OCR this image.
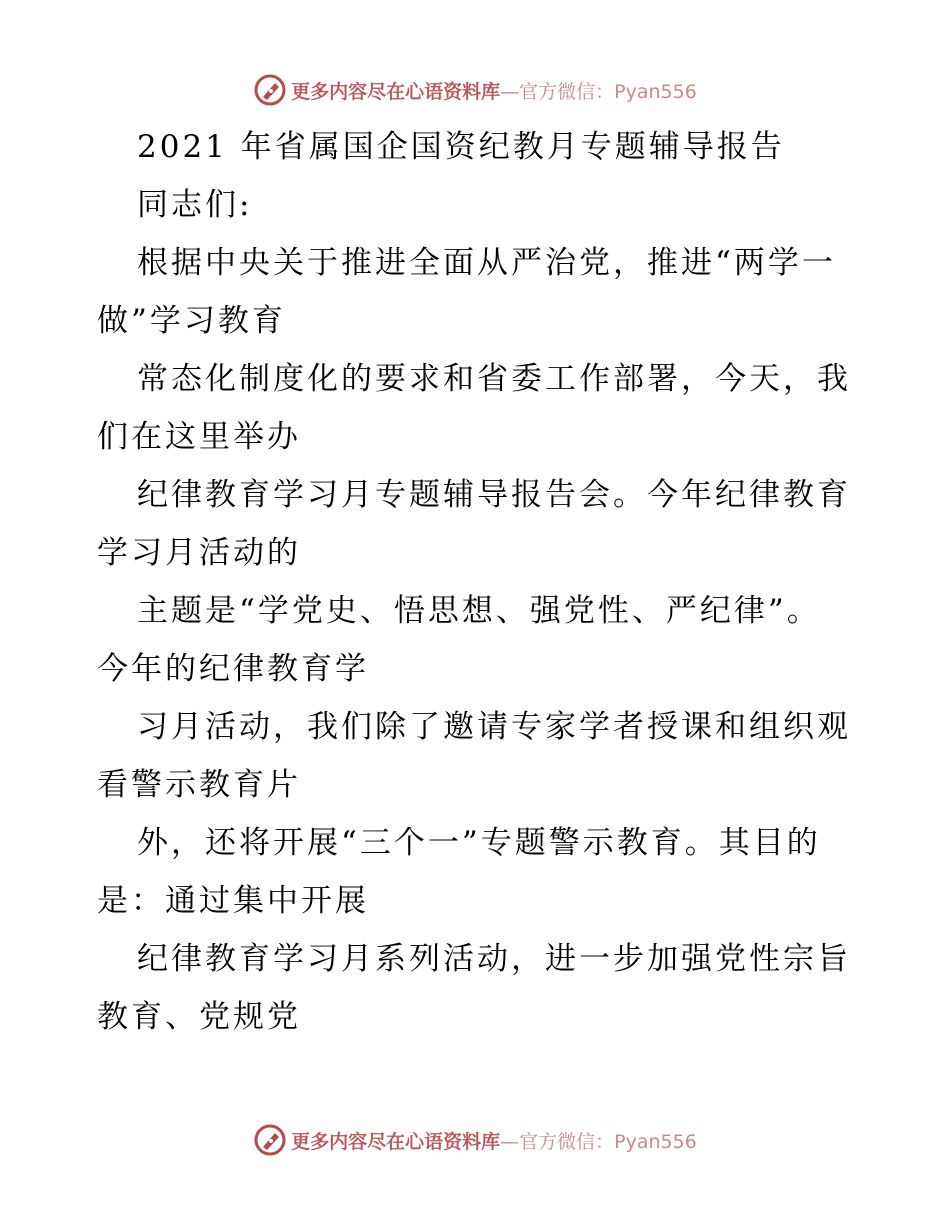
更多内容尽在心语资料库—官方微信：Pyan556
2021 年省属国企国资纪教月专题辅导报告
同志们:
根据中央关于推进全面从严治党，推进“两学一
做”学习教育
常态化制度化的要求和省委工作部署，今天，我
们在这里举办
纪律教育学习月专题辅导报告会。今年纪律教育
学习月活动的
主题是“学党史、悟思想、强党性、严纪律”。
今年的纪律教育学
习月活动，我们除了邀请专家学者授课和组织观
看警示教育片
外，还将开展“三个一”专题警示教育。其目的
是：通过集中开展
纪律教育学习月系列活动，进一步加强党性宗旨
教育、党规党
更多内容尽在心语资料库—官方微信：Pyan556
